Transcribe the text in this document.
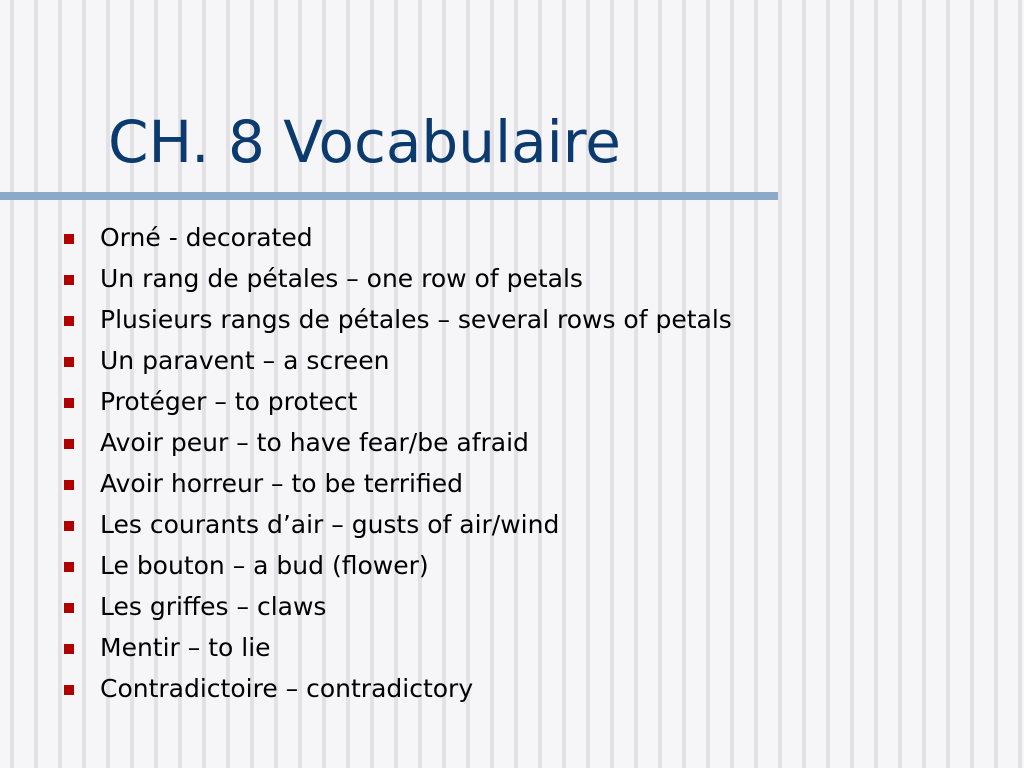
CH. 8 Vocabulaire
Orné - decorated
Un rang de pétales – one row of petals
Plusieurs rangs de pétales – several rows of petals
Un paravent – a screen
Protéger – to protect
Avoir peur – to have fear/be afraid
Avoir horreur – to be terrified
Les courants d’air – gusts of air/wind
Le bouton – a bud (flower)
Les griffes – claws
Mentir – to lie
Contradictoire – contradictory
